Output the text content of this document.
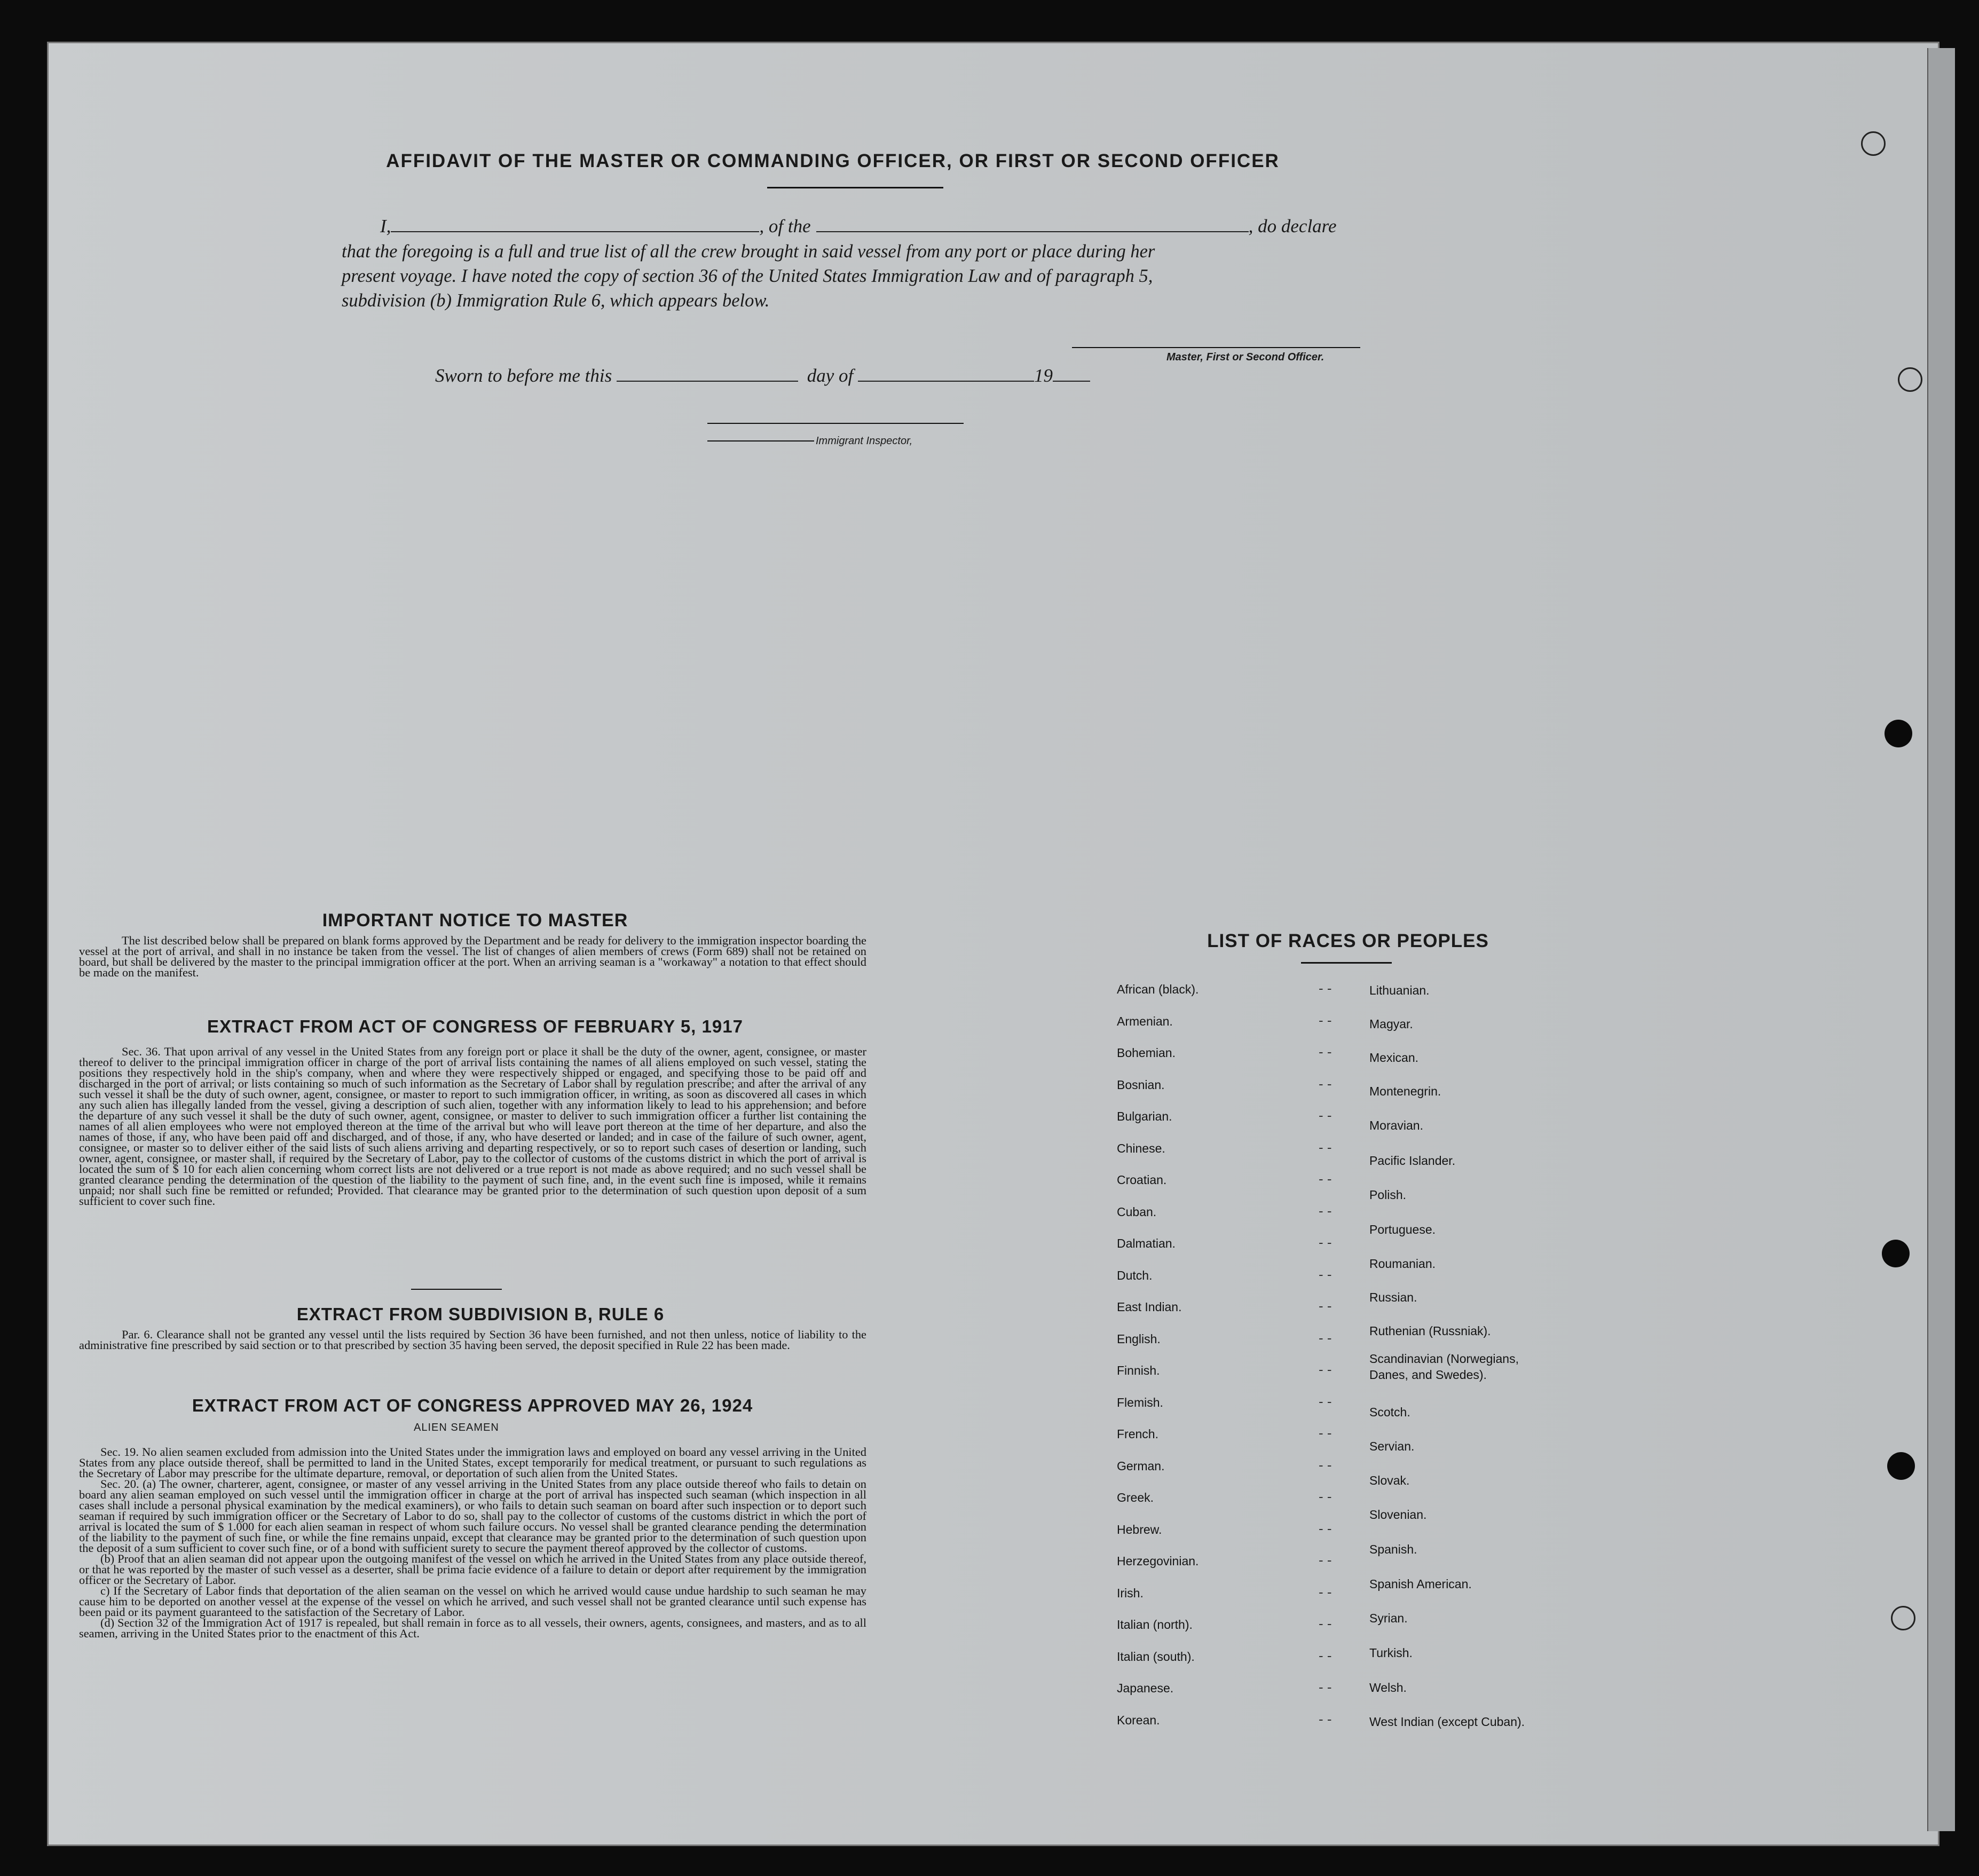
AFFIDAVIT OF THE MASTER OR COMMANDING OFFICER, OR FIRST OR SECOND OFFICER
I,	, of the	, do declare
that the foregoing is a full and true list of all the crew brought in said vessel from any port or place during her
present voyage. I have noted the copy of section 36 of the United States Immigration Law and of paragraph 5,
subdivision (b) Immigration Rule 6, which appears below.
Master, First or Second Officer.
Sworn to before me this	day of	19
Immigrant Inspector,
IMPORTANT NOTICE TO MASTER
The list described below shall be prepared on blank forms approved by the Department and be ready for delivery to the immigration inspector boarding the vessel at the port of arrival, and shall in no instance be taken from the vessel. The list of changes of alien members of crews (Form 689) shall not be retained on board, but shall be delivered by the master to the principal immigration officer at the port. When an arriving seaman is a "workaway" a notation to that effect should be made on the manifest.
EXTRACT FROM ACT OF CONGRESS OF FEBRUARY 5, 1917
Sec. 36. That upon arrival of any vessel in the United States from any foreign port or place it shall be the duty of the owner, agent, consignee, or master thereof to deliver to the principal immigration officer in charge of the port of arrival lists containing the names of all aliens employed on such vessel, stating the positions they respectively hold in the ship's company, when and where they were respectively shipped or engaged, and specifying those to be paid off and discharged in the port of arrival; or lists containing so much of such information as the Secretary of Labor shall by regulation prescribe; and after the arrival of any such vessel it shall be the duty of such owner, agent, consignee, or master to report to such immigration officer, in writing, as soon as discovered all cases in which any such alien has illegally landed from the vessel, giving a description of such alien, together with any information likely to lead to his apprehension; and before the departure of any such vessel it shall be the duty of such owner, agent, consignee, or master to deliver to such immigration officer a further list containing the names of all alien employees who were not employed thereon at the time of the arrival but who will leave port thereon at the time of her departure, and also the names of those, if any, who have been paid off and discharged, and of those, if any, who have deserted or landed; and in case of the failure of such owner, agent, consignee, or master so to deliver either of the said lists of such aliens arriving and departing respectively, or so to report such cases of desertion or landing, such owner, agent, consignee, or master shall, if required by the Secretary of Labor, pay to the collector of customs of the customs district in which the port of arrival is located the sum of $ 10 for each alien concerning whom correct lists are not delivered or a true report is not made as above required; and no such vessel shall be granted clearance pending the determination of the question of the liability to the payment of such fine, and, in the event such fine is imposed, while it remains unpaid; nor shall such fine be remitted or refunded; Provided. That clearance may be granted prior to the determination of such question upon deposit of a sum sufficient to cover such fine.
EXTRACT FROM SUBDIVISION B, RULE 6
Par. 6. Clearance shall not be granted any vessel until the lists required by Section 36 have been furnished, and not then unless, notice of liability to the administrative fine prescribed by said section or to that prescribed by section 35 having been served, the deposit specified in Rule 22 has been made.
EXTRACT FROM ACT OF CONGRESS APPROVED MAY 26, 1924
ALIEN SEAMEN

Sec. 19. No alien seamen excluded from admission into the United States under the immigration laws and employed on board any vessel arriving in the United States from any place outside thereof, shall be permitted to land in the United States, except temporarily for medical treatment, or pursuant to such regulations as the Secretary of Labor may prescribe for the ultimate departure, removal, or deportation of such alien from the United States.

Sec. 20. (a) The owner, charterer, agent, consignee, or master of any vessel arriving in the United States from any place outside thereof who fails to detain on board any alien seaman employed on such vessel until the immigration officer in charge at the port of arrival has inspected such seaman (which inspection in all cases shall include a personal physical examination by the medical examiners), or who fails to detain such seaman on board after such inspection or to deport such seaman if required by such immigration officer or the Secretary of Labor to do so, shall pay to the collector of customs of the customs district in which the port of arrival is located the sum of $ 1.000 for each alien seaman in respect of whom such failure occurs. No vessel shall be granted clearance pending the determination of the liability to the payment of such fine, or while the fine remains unpaid, except that clearance may be granted prior to the determination of such question upon the deposit of a sum sufficient to cover such fine, or of a bond with sufficient surety to secure the payment thereof approved by the collector of customs.

(b) Proof that an alien seaman did not appear upon the outgoing manifest of the vessel on which he arrived in the United States from any place outside thereof, or that he was reported by the master of such vessel as a deserter, shall be prima facie evidence of a failure to detain or deport after requirement by the immigration officer or the Secretary of Labor.

c) If the Secretary of Labor finds that deportation of the alien seaman on the vessel on which he arrived would cause undue hardship to such seaman he may cause him to be deported on another vessel at the expense of the vessel on which he arrived, and such vessel shall not be granted clearance until such expense has been paid or its payment guaranteed to the satisfaction of the Secretary of Labor.

(d) Section 32 of the Immigration Act of 1917 is repealed, but shall remain in force as to all vessels, their owners, agents, consignees, and masters, and as to all seamen, arriving in the United States prior to the enactment of this Act.

LIST OF RACES OR PEOPLES
African (black).	- -
Armenian.	- -
Bohemian.	- -
Bosnian.	- -
Bulgarian.	- -
Chinese.	- -
Croatian.	- -
Cuban.	- -
Dalmatian.	- -
Dutch.	- -
East Indian.	- -
English.	- -
Finnish.	- -
Flemish.	- -
French.	- -
German.	- -
Greek.	- -
Hebrew.	- -
Herzegovinian.	- -
Irish.	- -
Italian (north).	- -
Italian (south).	- -
Japanese.	- -
Korean.	- -
Lithuanian.
Magyar.
Mexican.
Montenegrin.
Moravian.
Pacific Islander.
Polish.
Portuguese.
Roumanian.
Russian.
Ruthenian (Russniak).
Scandinavian (Norwegians, Danes, and Swedes).
Scotch.
Servian.
Slovak.
Slovenian.
Spanish.
Spanish American.
Syrian.
Turkish.
Welsh.
West Indian (except Cuban).
